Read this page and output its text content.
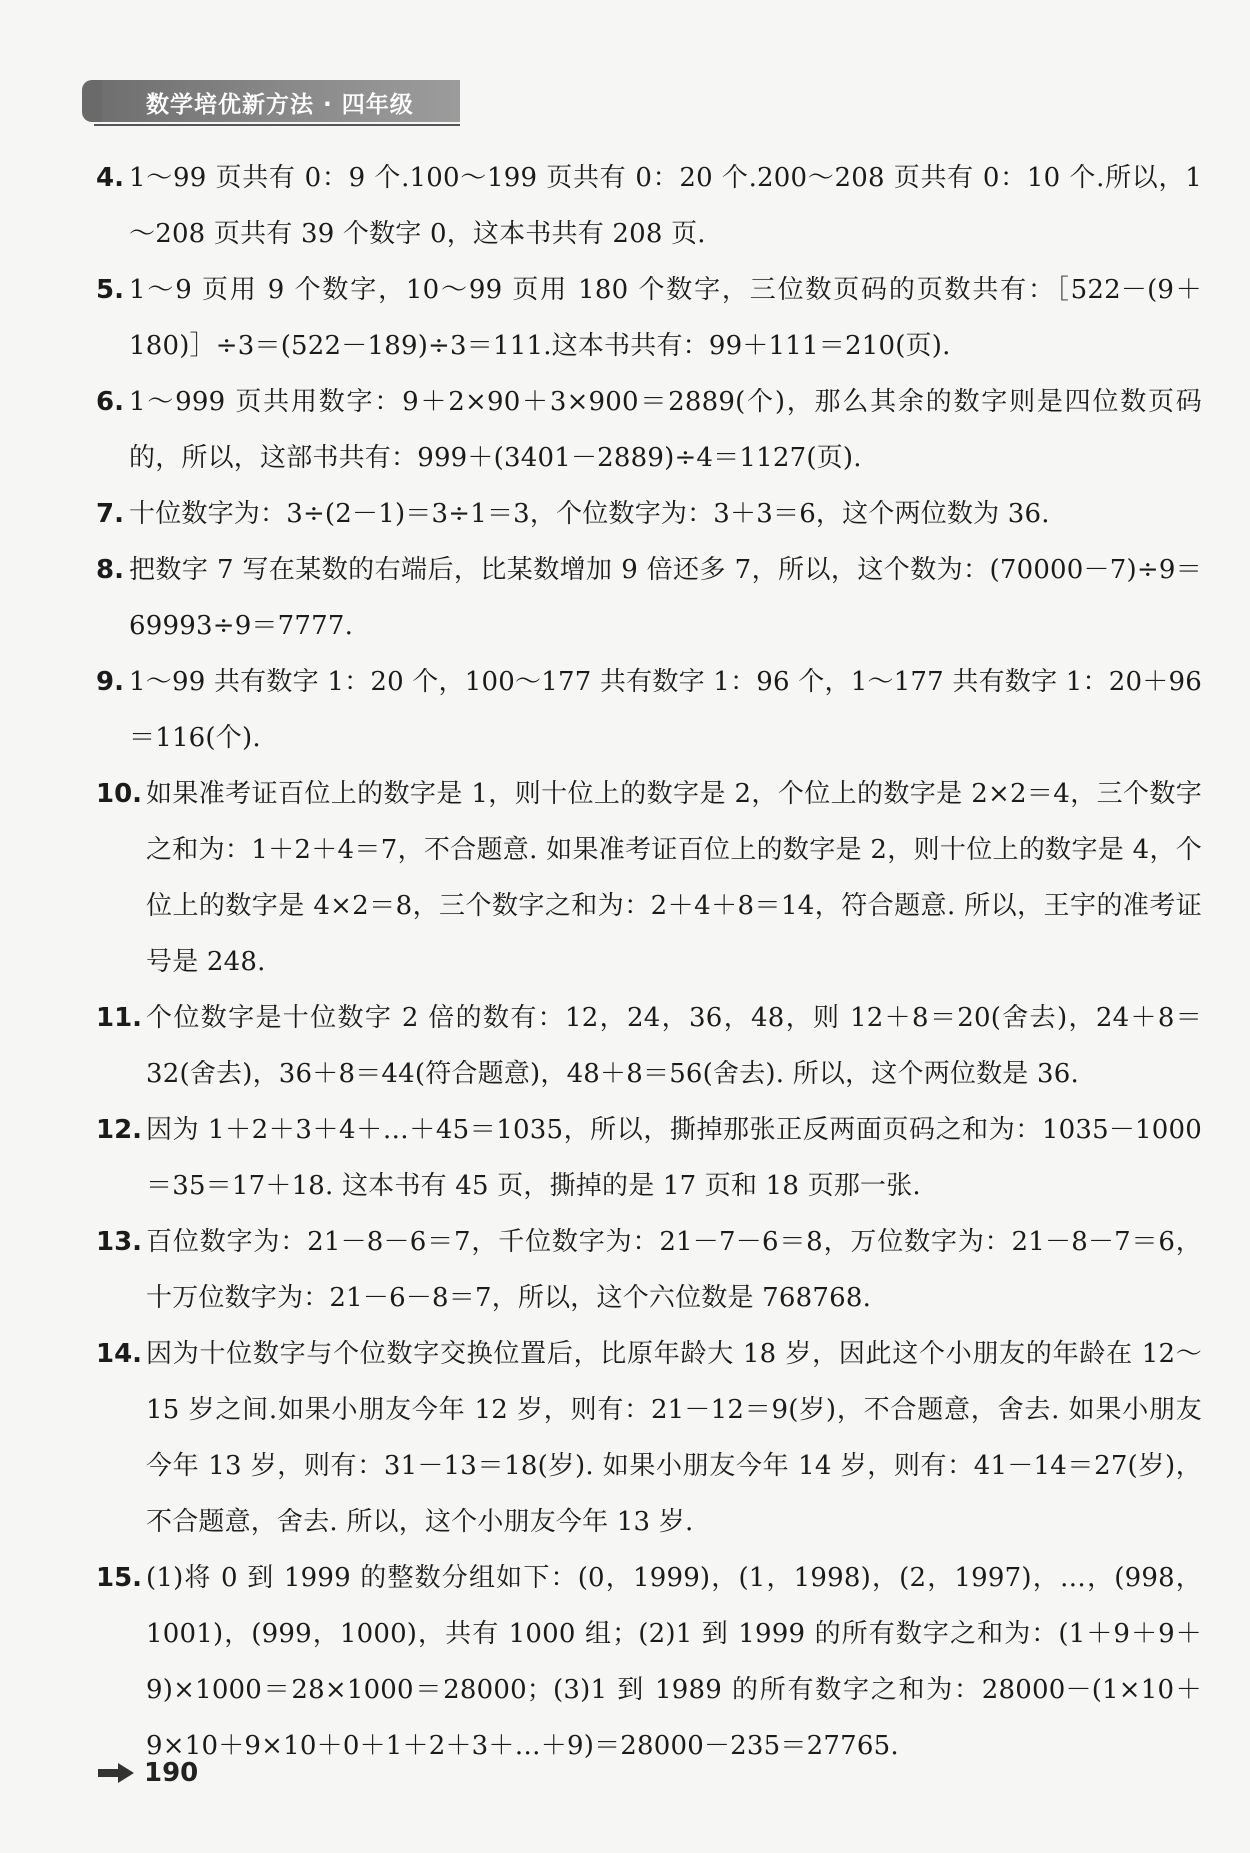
数学培优新方法 · 四年级
4. 1～99 页共有 0：9 个.100～199 页共有 0：20 个.200～208 页共有 0：10 个.所以，1～208 页共有 39 个数字 0，这本书共有 208 页.
5. 1～9 页用 9 个数字，10～99 页用 180 个数字，三位数页码的页数共有：［522－(9＋180)］÷3＝(522－189)÷3＝111.这本书共有：99＋111＝210(页).
6. 1～999 页共用数字：9＋2×90＋3×900＝2889(个)，那么其余的数字则是四位数页码的，所以，这部书共有：999＋(3401－2889)÷4＝1127(页).
7. 十位数字为：3÷(2－1)＝3÷1＝3，个位数字为：3＋3＝6，这个两位数为 36.
8. 把数字 7 写在某数的右端后，比某数增加 9 倍还多 7，所以，这个数为：(70000－7)÷9＝69993÷9＝7777.
9. 1～99 共有数字 1：20 个，100～177 共有数字 1：96 个，1～177 共有数字 1：20＋96＝116(个).
10. 如果准考证百位上的数字是 1，则十位上的数字是 2，个位上的数字是 2×2＝4，三个数字之和为：1＋2＋4＝7，不合题意. 如果准考证百位上的数字是 2，则十位上的数字是 4，个位上的数字是 4×2＝8，三个数字之和为：2＋4＋8＝14，符合题意. 所以，王宇的准考证号是 248.
11. 个位数字是十位数字 2 倍的数有：12，24，36，48，则 12＋8＝20(舍去)，24＋8＝32(舍去)，36＋8＝44(符合题意)，48＋8＝56(舍去). 所以，这个两位数是 36.
12. 因为 1＋2＋3＋4＋…＋45＝1035，所以，撕掉那张正反两面页码之和为：1035－1000＝35＝17＋18. 这本书有 45 页，撕掉的是 17 页和 18 页那一张.
13. 百位数字为：21－8－6＝7，千位数字为：21－7－6＝8，万位数字为：21－8－7＝6，十万位数字为：21－6－8＝7，所以，这个六位数是 768768.
14. 因为十位数字与个位数字交换位置后，比原年龄大 18 岁，因此这个小朋友的年龄在 12～15 岁之间.如果小朋友今年 12 岁，则有：21－12＝9(岁)，不合题意，舍去. 如果小朋友今年 13 岁，则有：31－13＝18(岁). 如果小朋友今年 14 岁，则有：41－14＝27(岁)，不合题意，舍去. 所以，这个小朋友今年 13 岁.
15. (1)将 0 到 1999 的整数分组如下：(0，1999)，(1，1998)，(2，1997)，…，(998，1001)，(999，1000)，共有 1000 组；(2)1 到 1999 的所有数字之和为：(1＋9＋9＋9)×1000＝28×1000＝28000；(3)1 到 1989 的所有数字之和为：28000－(1×10＋9×10＋9×10＋0＋1＋2＋3＋…＋9)＝28000－235＝27765.
190
